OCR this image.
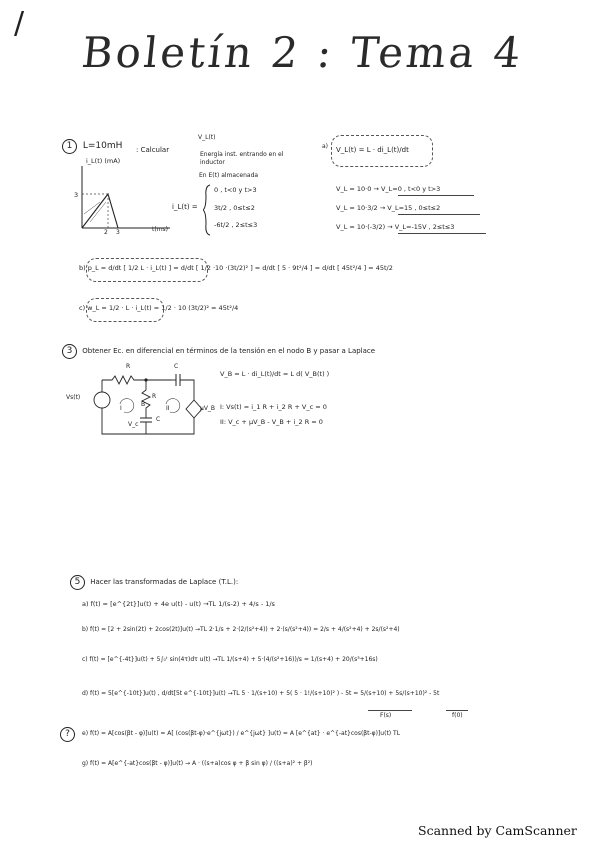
/
Boletín 2 : Tema 4
1 L=10mH : Calcular
V_L(t)
Energía inst. entrando en el inductor
En E(t) almacenada
i_L(t) (mA)
3
2 3	t(ms)
i_L(t) =
0 , t<0 y t>3
3t/2 , 0≤t≤2
-6t/2 , 2≤t≤3
a) V_L(t) = L · di_L(t)/dt
V_L = 10·0 → V_L=0 , t<0 y t>3
V_L = 10·3/2 → V_L=15 , 0≤t≤2
V_L = 10·(-3/2) → V_L=-15V , 2≤t≤3
b) p_L = d/dt [ 1/2 L · i_L(t) ] = d/dt [ 1/2 ·10 ·(3t/2)² ] = d/dt [ 5 · 9t²/4 ] = d/dt [ 45t²/4 ] = 45t/2
c) w_L = 1/2 · L · i_L(t) = 1/2 · 10 (3t/2)² = 45t²/4
3 Obtener Ec. en diferencial en términos de la tensión en el nodo B y pasar a Laplace
R	C
Vs(t)	R
B
C
I	II	μV_B
V_c
V_B = L · di_L(t)/dt = L d( V_B(t) )
I: Vs(t) = i_1 R + i_2 R + V_c = 0
II: V_c + μV_B - V_B + i_2 R = 0
5 Hacer las transformadas de Laplace (T.L.):
a) f(t) = [e^{2t}]u(t) + 4e u(t) - u(t) →TL 1/(s-2) + 4/s - 1/s
b) f(t) = [2 + 2sin(2t) + 2cos(2t)]u(t) →TL 2·1/s + 2·(2/(s²+4)) + 2·(s/(s²+4)) = 2/s + 4/(s²+4) + 2s/(s²+4)
c) f(t) = [e^{-4t}]u(t) + 5∫₀ᵗ sin(4τ)dτ u(t) →TL 1/(s+4) + 5·(4/(s²+16))/s = 1/(s+4) + 20/(s³+16s)
d) f(t) = 5[e^{-10t}]u(t) , d/dt[5t e^{-10t}]u(t) →TL 5 · 1/(s+10) + 5( 5 · 1!/(s+10)² ) - 5t = 5/(s+10) + 5s/(s+10)² - 5t
F(s)	f(0)
?	e) f(t) = A[cos(βt - φ)]u(t) = A[ (cos(βt-φ)·e^{jωt}) / e^{jωt} ]u(t) = A [e^{at} · e^{-at}cos(βt-φ)]u(t) TL
g) f(t) = A[e^{-at}cos(βt - φ)]u(t) → A · ((s+a)cos φ + β sin φ) / ((s+a)² + β²)
Scanned by CamScanner
